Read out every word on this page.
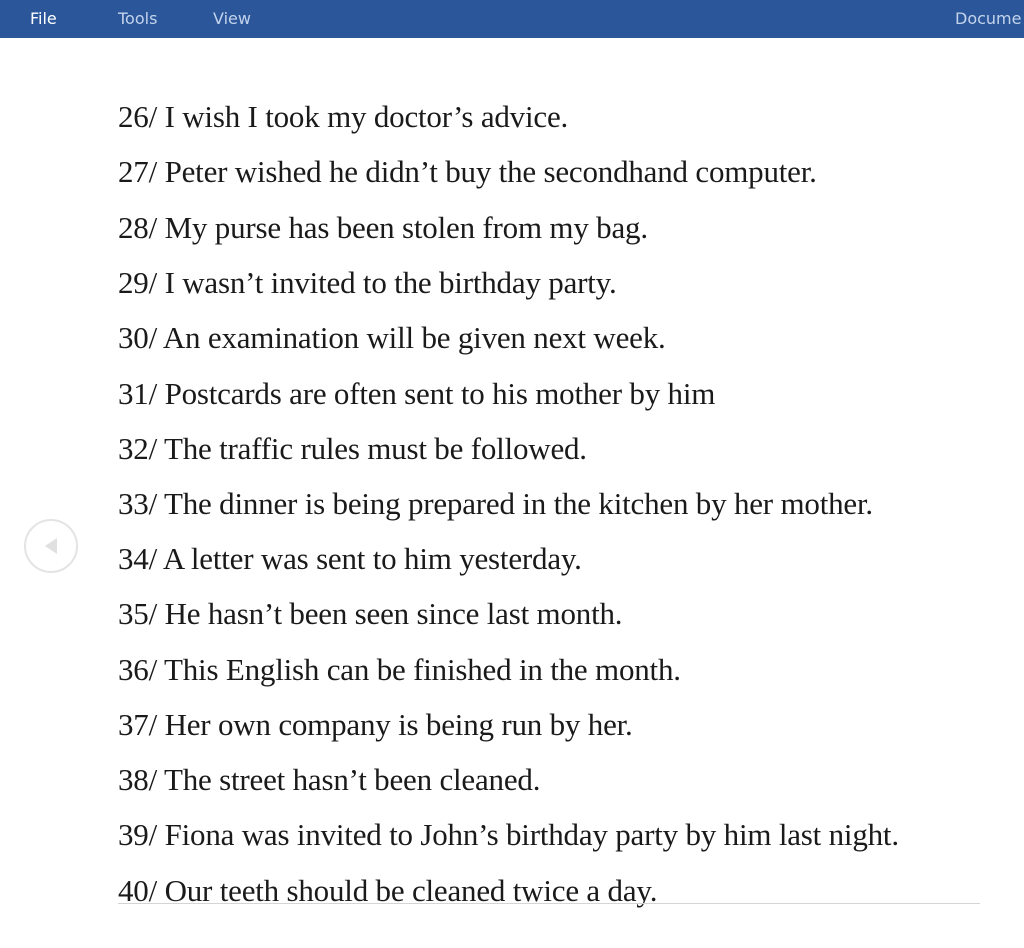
File	Tools	View	Docume
26/ I wish I took my doctor’s advice.
27/ Peter wished he didn’t buy the secondhand computer.
28/ My purse has been stolen from my bag.
29/ I wasn’t invited to the birthday party.
30/ An examination will be given next week.
31/ Postcards are often sent to his mother by him
32/ The traffic rules must be followed.
33/ The dinner is being prepared in the kitchen by her mother.
34/ A letter was sent to him yesterday.
35/ He hasn’t been seen since last month.
36/ This English can be finished in the month.
37/ Her own company is being run by her.
38/ The street hasn’t been cleaned.
39/ Fiona was invited to John’s birthday party by him last night.
40/ Our teeth should be cleaned twice a day.
